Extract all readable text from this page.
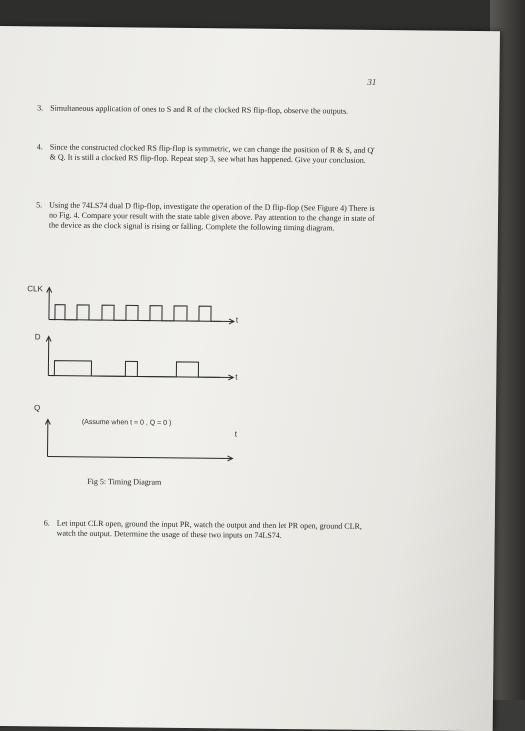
31
3. Simultaneous application of ones to S and R of the clocked RS flip-flop, observe the outputs.
4. Since the constructed clocked RS flip-flop is symmetric, we can change the position of R & S, and Q' & Q. It is still a clocked RS flip-flop. Repeat step 3, see what has happened. Give your conclusion.
5. Using the 74LS74 dual D flip-flop, investigate the operation of the D flip-flop (See Figure 4) There is no Fig. 4. Compare your result with the state table given above. Pay attention to the change in state of the device as the clock signal is rising or falling. Complete the following timing diagram.
CLK
D
Q
t
t
t
(Assume when t = 0 , Q = 0 )
Fig 5: Timing Diagram
6. Let input CLR open, ground the input PR, watch the output and then let PR open, ground CLR, watch the output. Determine the usage of these two inputs on 74LS74.
